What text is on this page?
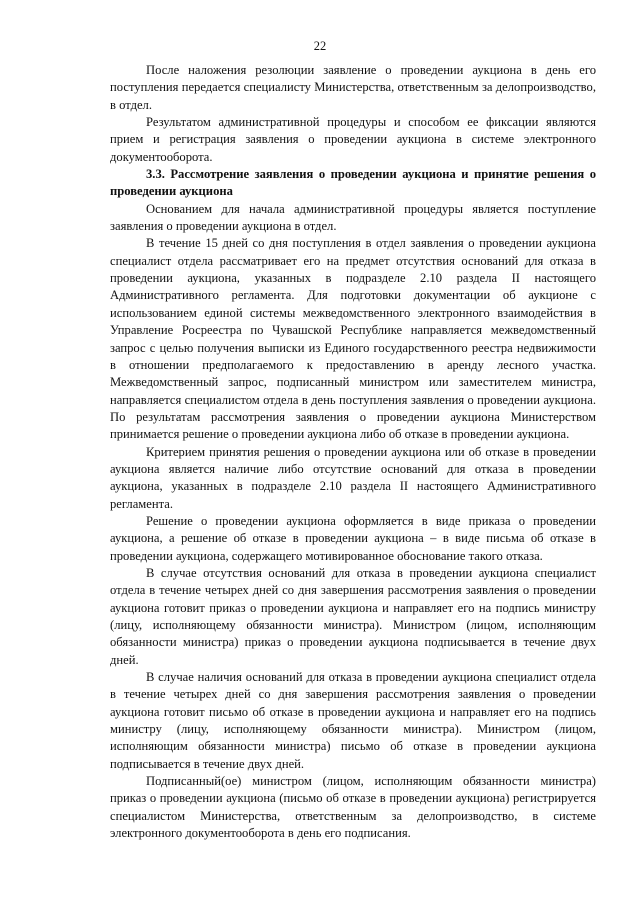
22

После наложения резолюции заявление о проведении аукциона в день его поступления передается специалисту Министерства, ответственным за делопроизводство, в отдел.

Результатом административной процедуры и способом ее фиксации являются прием и регистрация заявления о проведении аукциона в системе электронного документооборота.

3.3. Рассмотрение заявления о проведении аукциона и принятие решения о проведении аукциона

Основанием для начала административной процедуры является поступление заявления о проведении аукциона в отдел.

В течение 15 дней со дня поступления в отдел заявления о проведении аукциона специалист отдела рассматривает его на предмет отсутствия оснований для отказа в проведении аукциона, указанных в подразделе 2.10 раздела II настоящего Административного регламента. Для подготовки документации об аукционе с использованием единой системы межведомственного электронного взаимодействия в Управление Росреестра по Чувашской Республике направляется межведомственный запрос с целью получения выписки из Единого государственного реестра недвижимости в отношении предполагаемого к предоставлению в аренду лесного участка. Межведомственный запрос, подписанный министром или заместителем министра, направляется специалистом отдела в день поступления заявления о проведении аукциона. По результатам рассмотрения заявления о проведении аукциона Министерством принимается решение о проведении аукциона либо об отказе в проведении аукциона.

Критерием принятия решения о проведении аукциона или об отказе в проведении аукциона является наличие либо отсутствие оснований для отказа в проведении аукциона, указанных в подразделе 2.10 раздела II настоящего Административного регламента.

Решение о проведении аукциона оформляется в виде приказа о проведении аукциона, а решение об отказе в проведении аукциона – в виде письма об отказе в проведении аукциона, содержащего мотивированное обоснование такого отказа.

В случае отсутствия оснований для отказа в проведении аукциона специалист отдела в течение четырех дней со дня завершения рассмотрения заявления о проведении аукциона готовит приказ о проведении аукциона и направляет его на подпись министру (лицу, исполняющему обязанности министра). Министром (лицом, исполняющим обязанности министра) приказ о проведении аукциона подписывается в течение двух дней.

В случае наличия оснований для отказа в проведении аукциона специалист отдела в течение четырех дней со дня завершения рассмотрения заявления о проведении аукциона готовит письмо об отказе в проведении аукциона и направляет его на подпись министру (лицу, исполняющему обязанности министра). Министром (лицом, исполняющим обязанности министра) письмо об отказе в проведении аукциона подписывается в течение двух дней.

Подписанный(ое) министром (лицом, исполняющим обязанности министра) приказ о проведении аукциона (письмо об отказе в проведении аукциона) регистрируется специалистом Министерства, ответственным за делопроизводство, в системе электронного документооборота в день его подписания.
